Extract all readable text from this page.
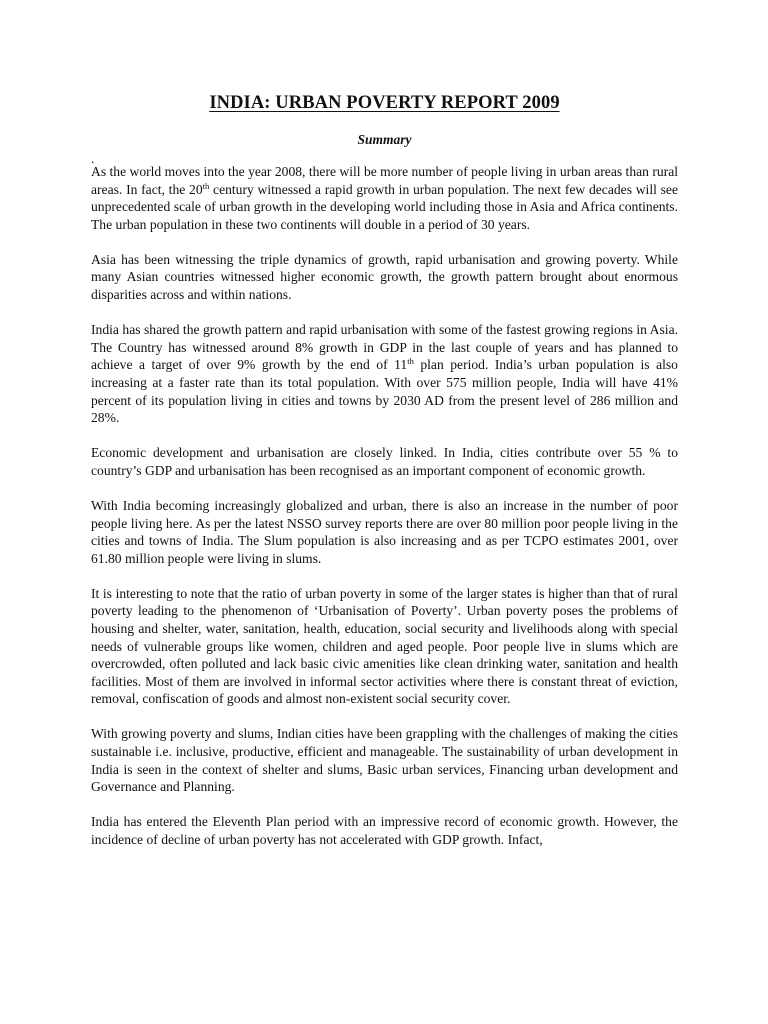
INDIA: URBAN POVERTY REPORT 2009
Summary
.

As the world moves into the year 2008, there will be more number of people living in urban areas than rural areas. In fact, the 20th century witnessed a rapid growth in urban population. The next few decades will see unprecedented scale of urban growth in the developing world including those in Asia and Africa continents. The urban population in these two continents will double in a period of 30 years.

Asia has been witnessing the triple dynamics of growth, rapid urbanisation and growing poverty. While many Asian countries witnessed higher economic growth, the growth pattern brought about enormous disparities across and within nations.

India has shared the growth pattern and rapid urbanisation with some of the fastest growing regions in Asia. The Country has witnessed around 8% growth in GDP in the last couple of years and has planned to achieve a target of over 9% growth by the end of 11th plan period. India’s urban population is also increasing at a faster rate than its total population. With over 575 million people, India will have 41% percent of its population living in cities and towns by 2030 AD from the present level of 286 million and 28%.

Economic development and urbanisation are closely linked. In India, cities contribute over 55 % to country’s GDP and urbanisation has been recognised as an important component of economic growth.

With India becoming increasingly globalized and urban, there is also an increase in the number of poor people living here. As per the latest NSSO survey reports there are over 80 million poor people living in the cities and towns of India. The Slum population is also increasing and as per TCPO estimates 2001, over 61.80 million people were living in slums.

It is interesting to note that the ratio of urban poverty in some of the larger states is higher than that of rural poverty leading to the phenomenon of ‘Urbanisation of Poverty’. Urban poverty poses the problems of housing and shelter, water, sanitation, health, education, social security and livelihoods along with special needs of vulnerable groups like women, children and aged people. Poor people live in slums which are overcrowded, often polluted and lack basic civic amenities like clean drinking water, sanitation and health facilities. Most of them are involved in informal sector activities where there is constant threat of eviction, removal, confiscation of goods and almost non-existent social security cover.

With growing poverty and slums, Indian cities have been grappling with the challenges of making the cities sustainable i.e. inclusive, productive, efficient and manageable. The sustainability of urban development in India is seen in the context of shelter and slums, Basic urban services, Financing urban development and Governance and Planning.

India has entered the Eleventh Plan period with an impressive record of economic growth. However, the incidence of decline of urban poverty has not accelerated with GDP growth. Infact,
